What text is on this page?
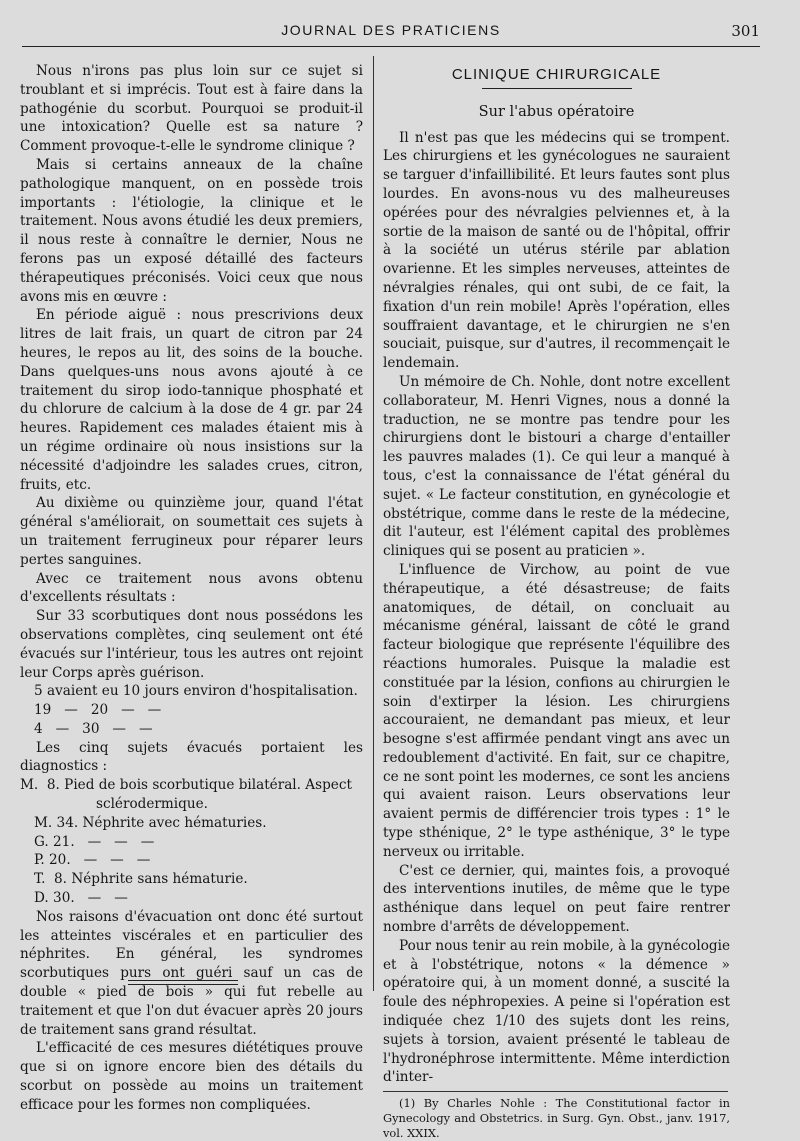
JOURNAL DES PRATICIENS	301

Nous n'irons pas plus loin sur ce sujet si troublant et si imprécis. Tout est à faire dans la pathogénie du scorbut. Pourquoi se produit-il une intoxication? Quelle est sa nature ? Comment provoque-t-elle le syndrome clinique ?

Mais si certains anneaux de la chaîne pathologique manquent, on en possède trois importants : l'étiologie, la clinique et le traitement. Nous avons étudié les deux premiers, il nous reste à connaître le dernier, Nous ne ferons pas un exposé détaillé des facteurs thérapeutiques préconisés. Voici ceux que nous avons mis en œuvre :

En période aiguë : nous prescrivions deux litres de lait frais, un quart de citron par 24 heures, le repos au lit, des soins de la bouche. Dans quelques-uns nous avons ajouté à ce traitement du sirop iodo-tannique phosphaté et du chlorure de calcium à la dose de 4 gr. par 24 heures. Rapidement ces malades étaient mis à un régime ordinaire où nous insistions sur la nécessité d'adjoindre les salades crues, citron, fruits, etc.

Au dixième ou quinzième jour, quand l'état général s'améliorait, on soumettait ces sujets à un traitement ferrugineux pour réparer leurs pertes sanguines.

Avec ce traitement nous avons obtenu d'excellents résultats :

Sur 33 scorbutiques dont nous possédons les observations complètes, cinq seulement ont été évacués sur l'intérieur, tous les autres ont rejoint leur Corps après guérison.

5 avaient eu 10 jours environ d'hospitalisation.
19   —   20   —   —
4   —   30   —   —

Les cinq sujets évacués portaient les diagnostics :

M.  8. Pied de bois scorbutique bilatéral. Aspect
sclérodermique.
M. 34. Néphrite avec hématuries.
G. 21.   —   —   —
P. 20.   —   —   —
T.  8. Néphrite sans hématurie.
D. 30.   —   —

Nos raisons d'évacuation ont donc été surtout les atteintes viscérales et en particulier des néphrites. En général, les syndromes scorbutiques purs ont guéri sauf un cas de double « pied de bois » qui fut rebelle au traitement et que l'on dut évacuer après 20 jours de traitement sans grand résultat.

L'efficacité de ces mesures diététiques prouve que si on ignore encore bien des détails du scorbut on possède au moins un traitement efficace pour les formes non compliquées.

CLINIQUE CHIRURGICALE
Sur l'abus opératoire

Il n'est pas que les médecins qui se trompent. Les chirurgiens et les gynécologues ne sauraient se targuer d'infaillibilité. Et leurs fautes sont plus lourdes. En avons-nous vu des malheureuses opérées pour des névralgies pelviennes et, à la sortie de la maison de santé ou de l'hôpital, offrir à la société un utérus stérile par ablation ovarienne. Et les simples nerveuses, atteintes de névralgies rénales, qui ont subi, de ce fait, la fixation d'un rein mobile! Après l'opération, elles souffraient davantage, et le chirurgien ne s'en souciait, puisque, sur d'autres, il recommençait le lendemain.

Un mémoire de Ch. Nohle, dont notre excellent collaborateur, M. Henri Vignes, nous a donné la traduction, ne se montre pas tendre pour les chirurgiens dont le bistouri a charge d'entailler les pauvres malades (1). Ce qui leur a manqué à tous, c'est la connaissance de l'état général du sujet. « Le facteur constitution, en gynécologie et obstétrique, comme dans le reste de la médecine, dit l'auteur, est l'élément capital des problèmes cliniques qui se posent au praticien ».

L'influence de Virchow, au point de vue thérapeutique, a été désastreuse; de faits anatomiques, de détail, on concluait au mécanisme général, laissant de côté le grand facteur biologique que représente l'équilibre des réactions humorales. Puisque la maladie est constituée par la lésion, confions au chirurgien le soin d'extirper la lésion. Les chirurgiens accouraient, ne demandant pas mieux, et leur besogne s'est affirmée pendant vingt ans avec un redoublement d'activité. En fait, sur ce chapitre, ce ne sont point les modernes, ce sont les anciens qui avaient raison. Leurs observations leur avaient permis de différencier trois types : 1° le type sthénique, 2° le type asthénique, 3° le type nerveux ou irritable.

C'est ce dernier, qui, maintes fois, a provoqué des interventions inutiles, de même que le type asthénique dans lequel on peut faire rentrer nombre d'arrêts de développement.

Pour nous tenir au rein mobile, à la gynécologie et à l'obstétrique, notons « la démence » opératoire qui, à un moment donné, a suscité la foule des néphropexies. A peine si l'opération est indiquée chez 1/10 des sujets dont les reins, sujets à torsion, avaient présenté le tableau de l'hydronéphrose intermittente. Même interdiction d'inter-

(1) By Charles Nohle : The Constitutional factor in Gynecology and Obstetrics. in Surg. Gyn. Obst., janv. 1917, vol. XXIX.
